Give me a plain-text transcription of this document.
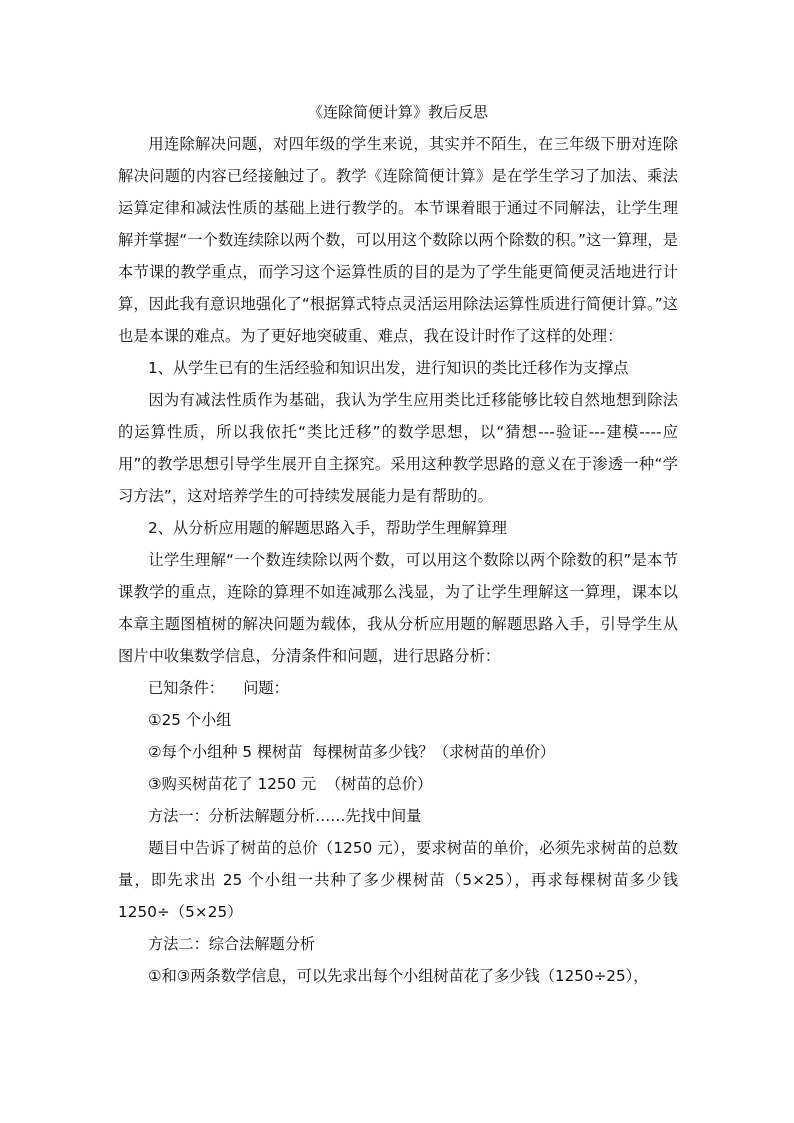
《连除简便计算》教后反思

用连除解决问题，对四年级的学生来说，其实并不陌生，在三年级下册对连除解决问题的内容已经接触过了。教学《连除简便计算》是在学生学习了加法、乘法运算定律和减法性质的基础上进行教学的。本节课着眼于通过不同解法，让学生理解并掌握“一个数连续除以两个数，可以用这个数除以两个除数的积。”这一算理，是本节课的教学重点，而学习这个运算性质的目的是为了学生能更简便灵活地进行计算，因此我有意识地强化了“根据算式特点灵活运用除法运算性质进行简便计算。”这也是本课的难点。为了更好地突破重、难点，我在设计时作了这样的处理：

1、从学生已有的生活经验和知识出发，进行知识的类比迁移作为支撑点

因为有减法性质作为基础，我认为学生应用类比迁移能够比较自然地想到除法的运算性质，所以我依托“类比迁移”的数学思想，以“猜想---验证---建模----应用”的教学思想引导学生展开自主探究。采用这种教学思路的意义在于渗透一种“学习方法”，这对培养学生的可持续发展能力是有帮助的。

2、从分析应用题的解题思路入手，帮助学生理解算理

让学生理解“一个数连续除以两个数，可以用这个数除以两个除数的积”是本节课教学的重点，连除的算理不如连减那么浅显，为了让学生理解这一算理，课本以本章主题图植树的解决问题为载体，我从分析应用题的解题思路入手，引导学生从图片中收集数学信息，分清条件和问题，进行思路分析：

已知条件：    问题：

①25 个小组

②每个小组种 5 棵树苗  每棵树苗多少钱？（求树苗的单价）

③购买树苗花了 1250 元  （树苗的总价）

方法一：分析法解题分析……先找中间量

题目中告诉了树苗的总价（1250 元），要求树苗的单价，必须先求树苗的总数量，即先求出 25 个小组一共种了多少棵树苗（5×25），再求每棵树苗多少钱 1250÷（5×25）

方法二：综合法解题分析

①和③两条数学信息，可以先求出每个小组树苗花了多少钱（1250÷25），
